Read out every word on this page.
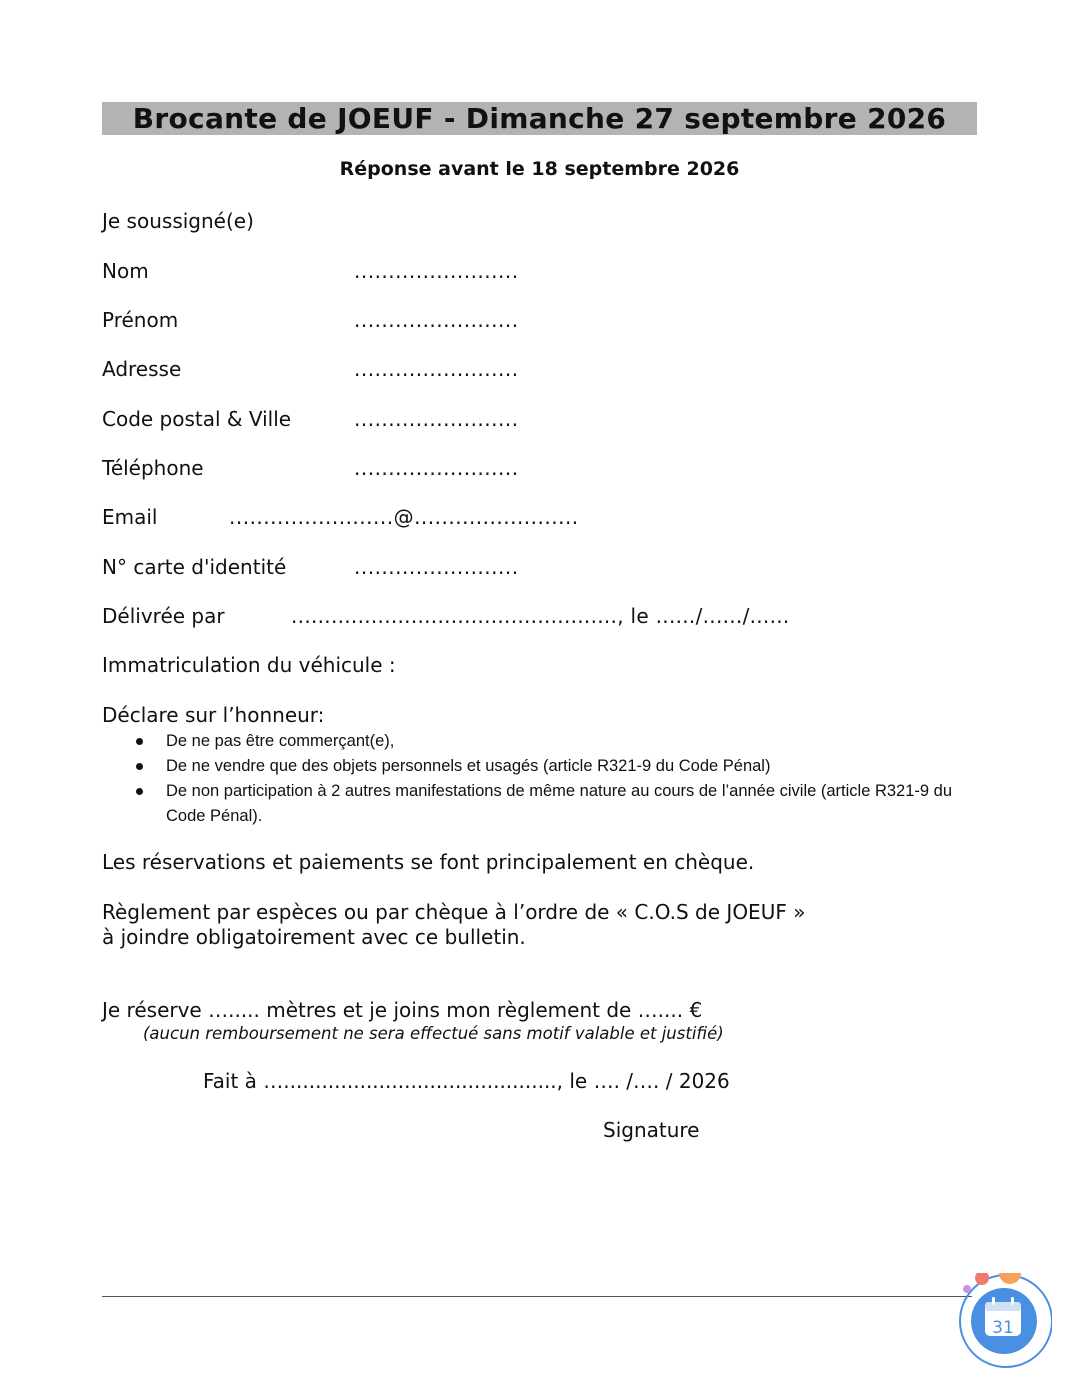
Brocante de JOEUF - Dimanche 27 septembre 2026
Réponse avant le 18 septembre 2026
Je soussigné(e)
Nom	........................
Prénom	........................
Adresse	........................
Code postal & Ville	........................
Téléphone	........................
Email	........................@........................
N° carte d'identité	........................
Délivrée par	................................................., le ....../....../......
Immatriculation du véhicule :
Déclare sur l’honneur:
De ne pas être commerçant(e),
De ne vendre que des objets personnels et usagés (article R321-9 du Code Pénal)
De non participation à 2 autres manifestations de même nature au cours de l’année civile (article R321-9 du Code Pénal).
Les réservations et paiements se font principalement en chèque.
Règlement par espèces ou par chèque à l’ordre de « C.O.S de JOEUF »
à joindre obligatoirement avec ce bulletin.
Je réserve …..... mètres et je joins mon règlement de ….... €
(aucun remboursement ne sera effectué sans motif valable et justifié)
Fait à …..........................................., le …. /…. / 2026
Signature
31
